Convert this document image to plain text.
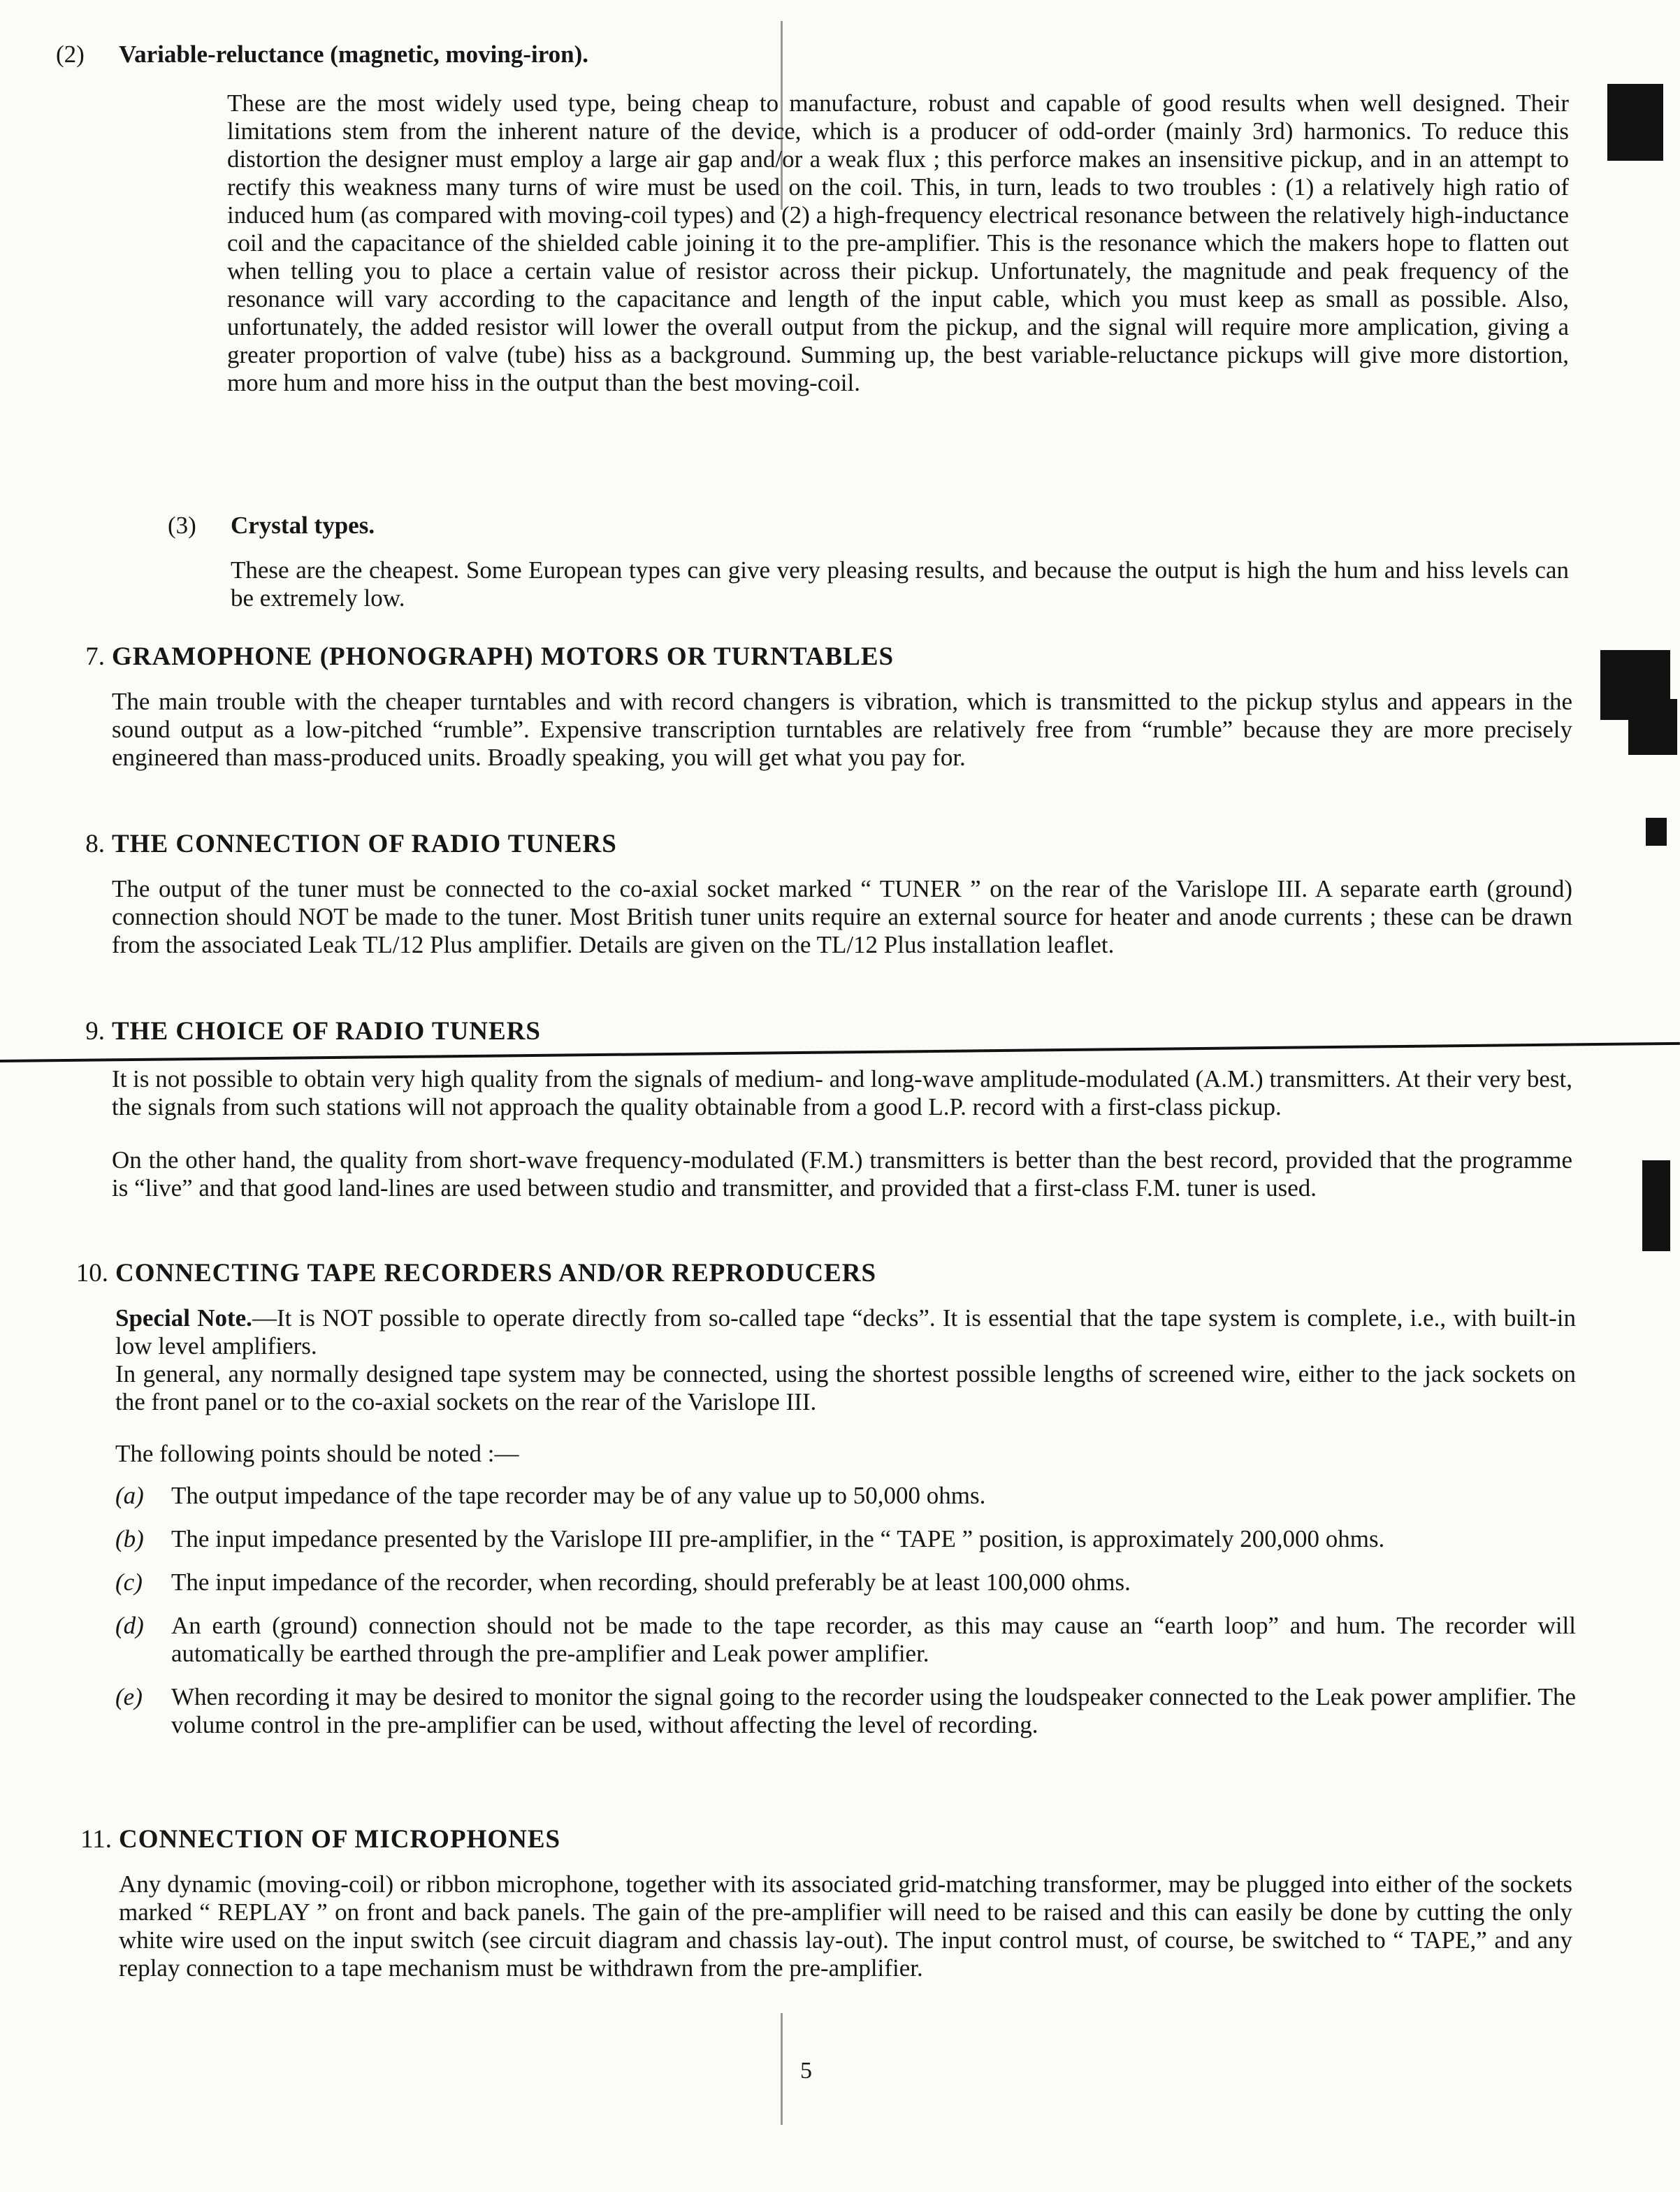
(2)	Variable-reluctance (magnetic, moving-iron).

These are the most widely used type, being cheap to manufacture, robust and capable of good results when well designed. Their limitations stem from the inherent nature of the device, which is a producer of odd-order (mainly 3rd) harmonics. To reduce this distortion the designer must employ a large air gap and/or a weak flux ; this perforce makes an insensitive pickup, and in an attempt to rectify this weakness many turns of wire must be used on the coil. This, in turn, leads to two troubles : (1) a relatively high ratio of induced hum (as compared with moving-coil types) and (2) a high-frequency electrical resonance between the relatively high-inductance coil and the capacitance of the shielded cable joining it to the pre-amplifier. This is the resonance which the makers hope to flatten out when telling you to place a certain value of resistor across their pickup. Unfortunately, the magnitude and peak frequency of the resonance will vary according to the capacitance and length of the input cable, which you must keep as small as possible. Also, unfortunately, the added resistor will lower the overall output from the pickup, and the signal will require more amplication, giving a greater proportion of valve (tube) hiss as a background. Summing up, the best variable-reluctance pickups will give more distortion, more hum and more hiss in the output than the best moving-coil.

(3)	Crystal types.

These are the cheapest. Some European types can give very pleasing results, and because the output is high the hum and hiss levels can be extremely low.

7. GRAMOPHONE (PHONOGRAPH) MOTORS OR TURNTABLES

The main trouble with the cheaper turntables and with record changers is vibration, which is transmitted to the pickup stylus and appears in the sound output as a low-pitched “rumble”. Expensive transcription turntables are relatively free from “rumble” because they are more precisely engineered than mass-produced units. Broadly speaking, you will get what you pay for.

8. THE CONNECTION OF RADIO TUNERS

The output of the tuner must be connected to the co-axial socket marked “ TUNER ” on the rear of the Varislope III. A separate earth (ground) connection should NOT be made to the tuner. Most British tuner units require an external source for heater and anode currents ; these can be drawn from the associated Leak TL/12 Plus amplifier. Details are given on the TL/12 Plus installation leaflet.

9. THE CHOICE OF RADIO TUNERS

It is not possible to obtain very high quality from the signals of medium- and long-wave amplitude-modulated (A.M.) transmitters. At their very best, the signals from such stations will not approach the quality obtainable from a good L.P. record with a first-class pickup.

On the other hand, the quality from short-wave frequency-modulated (F.M.) transmitters is better than the best record, provided that the programme is “live” and that good land-lines are used between studio and transmitter, and provided that a first-class F.M. tuner is used.

10. CONNECTING TAPE RECORDERS AND/OR REPRODUCERS

Special Note.—It is NOT possible to operate directly from so-called tape “decks”. It is essential that the tape system is complete, i.e., with built-in low level amplifiers.

In general, any normally designed tape system may be connected, using the shortest possible lengths of screened wire, either to the jack sockets on the front panel or to the co-axial sockets on the rear of the Varislope III.

The following points should be noted :—

(a)	The output impedance of the tape recorder may be of any value up to 50,000 ohms.
(b)	The input impedance presented by the Varislope III pre-amplifier, in the “ TAPE ” position, is approximately 200,000 ohms.
(c)	The input impedance of the recorder, when recording, should preferably be at least 100,000 ohms.
(d)	An earth (ground) connection should not be made to the tape recorder, as this may cause an “earth loop” and hum. The recorder will automatically be earthed through the pre-amplifier and Leak power amplifier.
(e)	When recording it may be desired to monitor the signal going to the recorder using the loudspeaker connected to the Leak power amplifier. The volume control in the pre-amplifier can be used, without affecting the level of recording.
11. CONNECTION OF MICROPHONES

Any dynamic (moving-coil) or ribbon microphone, together with its associated grid-matching transformer, may be plugged into either of the sockets marked “ REPLAY ” on front and back panels. The gain of the pre-amplifier will need to be raised and this can easily be done by cutting the only white wire used on the input switch (see circuit diagram and chassis lay-out). The input control must, of course, be switched to “ TAPE,” and any replay connection to a tape mechanism must be withdrawn from the pre-amplifier.

5
